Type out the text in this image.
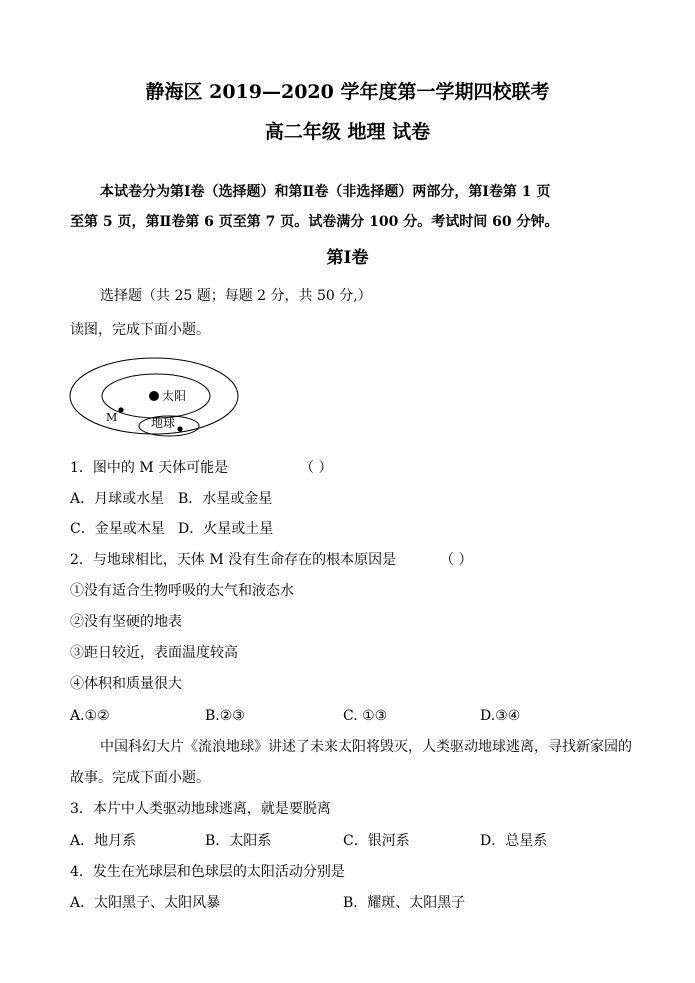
静海区 2019—2020 学年度第一学期四校联考
高二年级 地理 试卷
本试卷分为第Ⅰ卷（选择题）和第Ⅱ卷（非选择题）两部分，第Ⅰ卷第 1 页
至第 5 页，第Ⅱ卷第 6 页至第 7 页。试卷满分 100 分。考试时间 60 分钟。
第Ⅰ卷
选择题（共 25 题；每题 2 分，共 50 分,）
读图，完成下面小题。
太阳
M	地球
1．图中的 M 天体可能是	（ ）
A．月球或水星 B．水星或金星
C．金星或木星 D．火星或土星
2．与地球相比，天体 M 没有生命存在的根本原因是	（ ）
①没有适合生物呼吸的大气和液态水
②没有坚硬的地表
③距日较近，表面温度较高
④体积和质量很大
A.①②	B.②③	C. ①③	D.③④
中国科幻大片《流浪地球》讲述了未来太阳将毁灭，人类驱动地球逃离，寻找新家园的
故事。完成下面小题。
3．本片中人类驱动地球逃离，就是要脱离
A．地月系	B．太阳系	C．银河系	D．总星系
4．发生在光球层和色球层的太阳活动分别是
A．太阳黑子、太阳风暴	B．耀斑、太阳黑子
